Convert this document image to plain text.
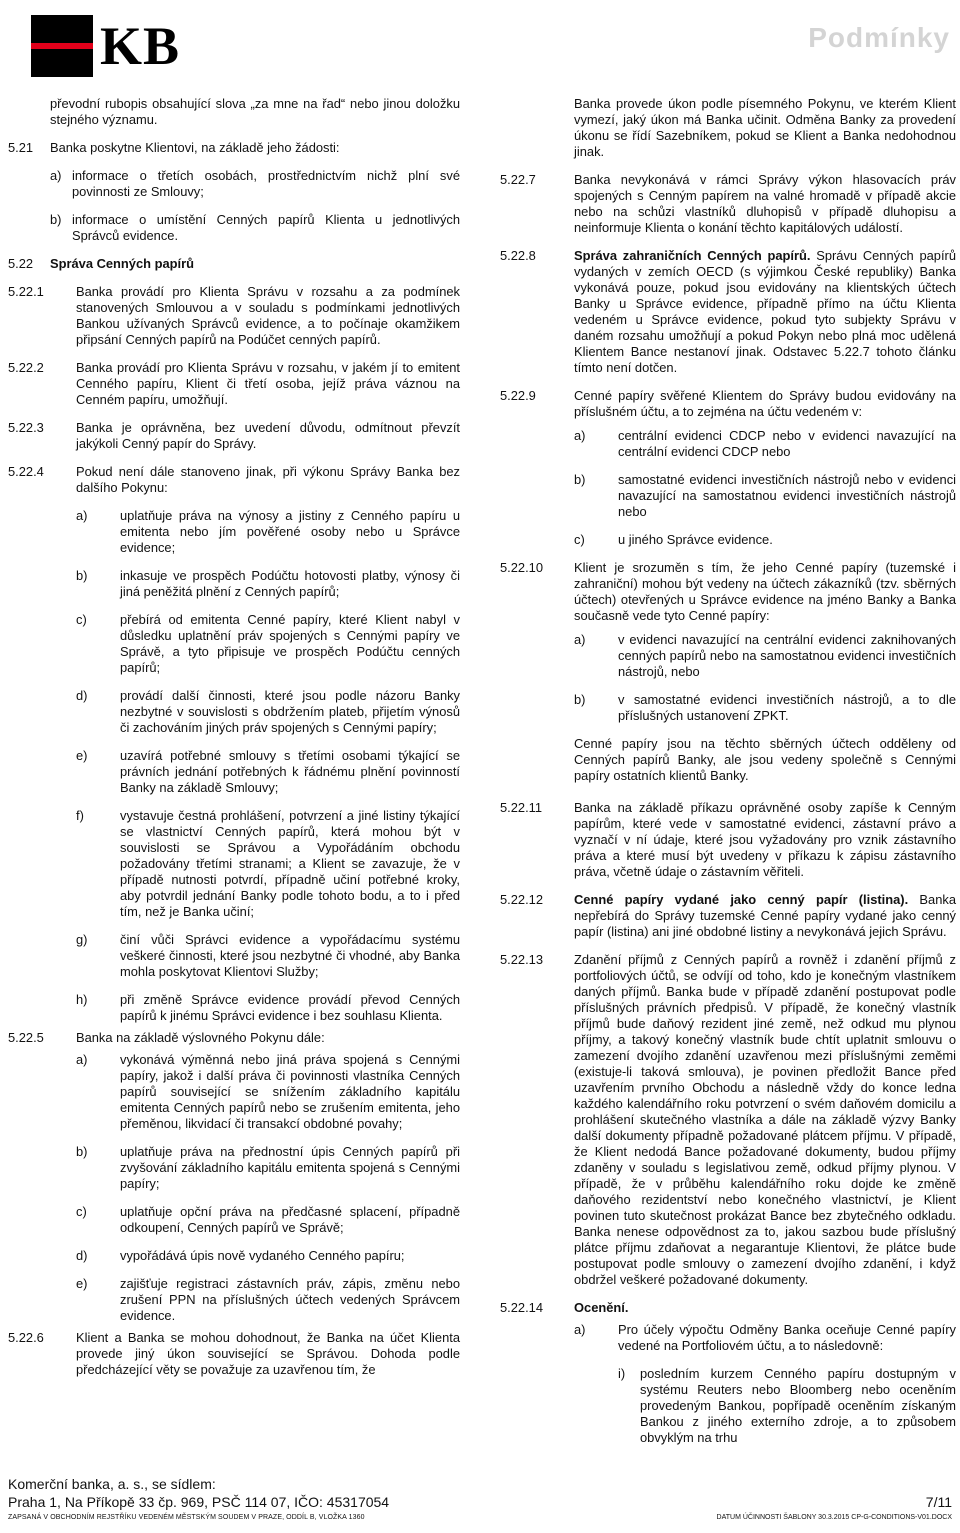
KB	Podmínky
převodní rubopis obsahující slova „za mne na řad“ nebo jinou doložku stejného významu.
5.21 Banka poskytne Klientovi, na základě jeho žádosti:
a) informace o třetích osobách, prostřednictvím nichž plní své povinnosti ze Smlouvy;
b) informace o umístění Cenných papírů Klienta u jednotlivých Správců evidence.
5.22 Správa Cenných papírů
5.22.1 Banka provádí pro Klienta Správu v rozsahu a za podmínek stanovených Smlouvou a v souladu s podmínkami jednotlivých Bankou užívaných Správců evidence, a to počínaje okamžikem připsání Cenných papírů na Podúčet cenných papírů.
5.22.2 Banka provádí pro Klienta Správu v rozsahu, v jakém jí to emitent Cenného papíru, Klient či třetí osoba, jejíž práva váznou na Cenném papíru, umožňují.
5.22.3 Banka je oprávněna, bez uvedení důvodu, odmítnout převzít jakýkoli Cenný papír do Správy.
5.22.4 Pokud není dále stanoveno jinak, při výkonu Správy Banka bez dalšího Pokynu:
a)	uplatňuje práva na výnosy a jistiny z Cenného papíru u emitenta nebo jím pověřené osoby nebo u Správce evidence;
b)	inkasuje ve prospěch Podúčtu hotovosti platby, výnosy či jiná peněžitá plnění z Cenných papírů;
c)	přebírá od emitenta Cenné papíry, které Klient nabyl v důsledku uplatnění práv spojených s Cennými papíry ve Správě, a tyto připisuje ve prospěch Podúčtu cenných papírů;
d)	provádí další činnosti, které jsou podle názoru Banky nezbytné v souvislosti s obdržením plateb, přijetím výnosů či zachováním jiných práv spojených s Cennými papíry;
e)	uzavírá potřebné smlouvy s třetími osobami týkající se právních jednání potřebných k řádnému plnění povinností Banky na základě Smlouvy;
f)	vystavuje čestná prohlášení, potvrzení a jiné listiny týkající se vlastnictví Cenných papírů, která mohou být v souvislosti se Správou a Vypořádáním obchodu požadovány třetími stranami; a Klient se zavazuje, že v případě nutnosti potvrdí, případně učiní potřebné kroky, aby potvrdil jednání Banky podle tohoto bodu, a to i před tím, než je Banka učiní;
g)	činí vůči Správci evidence a vypořádacímu systému veškeré činnosti, které jsou nezbytné či vhodné, aby Banka mohla poskytovat Klientovi Služby;
h)	při změně Správce evidence provádí převod Cenných papírů k jinému Správci evidence i bez souhlasu Klienta.
5.22.5 Banka na základě výslovného Pokynu dále:
a)	vykonává výměnná nebo jiná práva spojená s Cennými papíry, jakož i další práva či povinnosti vlastníka Cenných papírů související se snížením základního kapitálu emitenta Cenných papírů nebo se zrušením emitenta, jeho přeměnou, likvidací či transakcí obdobné povahy;
b)	uplatňuje práva na přednostní úpis Cenných papírů při zvyšování základního kapitálu emitenta spojená s Cennými papíry;
c)	uplatňuje opční práva na předčasné splacení, případně odkoupení, Cenných papírů ve Správě;
d)	vypořádává úpis nově vydaného Cenného papíru;
e)	zajišťuje registraci zástavních práv, zápis, změnu nebo zrušení PPN na příslušných účtech vedených Správcem evidence.
5.22.6 Klient a Banka se mohou dohodnout, že Banka na účet Klienta provede jiný úkon související se Správou. Dohoda podle předcházející věty se považuje za uzavřenou tím, že
Banka provede úkon podle písemného Pokynu, ve kterém Klient vymezí, jaký úkon má Banka učinit. Odměna Banky za provedení úkonu se řídí Sazebníkem, pokud se Klient a Banka nedohodnou jinak.
5.22.7	Banka nevykonává v rámci Správy výkon hlasovacích práv spojených s Cenným papírem na valné hromadě v případě akcie nebo na schůzi vlastníků dluhopisů v případě dluhopisu a neinformuje Klienta o konání těchto kapitálových událostí.
5.22.8	Správa zahraničních Cenných papírů. Správu Cenných papírů vydaných v zemích OECD (s výjimkou České republiky) Banka vykonává pouze, pokud jsou evidovány na klientských účtech Banky u Správce evidence, případně přímo na účtu Klienta vedeném u Správce evidence, pokud tyto subjekty Správu v daném rozsahu umožňují a pokud Pokyn nebo plná moc udělená Klientem Bance nestanoví jinak. Odstavec 5.22.7 tohoto článku tímto není dotčen.
5.22.9	Cenné papíry svěřené Klientem do Správy budou evidovány na příslušném účtu, a to zejména na účtu vedeném v:
a)	centrální evidenci CDCP nebo v evidenci navazující na centrální evidenci CDCP nebo
b)	samostatné evidenci investičních nástrojů nebo v evidenci navazující na samostatnou evidenci investičních nástrojů nebo
c)	u jiného Správce evidence.
5.22.10 Klient je srozuměn s tím, že jeho Cenné papíry (tuzemské i zahraniční) mohou být vedeny na účtech zákazníků (tzv. sběrných účtech) otevřených u Správce evidence na jméno Banky a Banka současně vede tyto Cenné papíry:
a)	v evidenci navazující na centrální evidenci zaknihovaných cenných papírů nebo na samostatnou evidenci investičních nástrojů, nebo
b)	v samostatné evidenci investičních nástrojů, a to dle příslušných ustanovení ZPKT.
Cenné papíry jsou na těchto sběrných účtech odděleny od Cenných papírů Banky, ale jsou vedeny společně s Cennými papíry ostatních klientů Banky.
5.22.11 Banka na základě příkazu oprávněné osoby zapíše k Cenným papírům, které vede v samostatné evidenci, zástavní právo a vyznačí v ní údaje, které jsou vyžadovány pro vznik zástavního práva a které musí být uvedeny v příkazu k zápisu zástavního práva, včetně údaje o zástavním věřiteli.
5.22.12 Cenné papíry vydané jako cenný papír (listina). Banka nepřebírá do Správy tuzemské Cenné papíry vydané jako cenný papír (listina) ani jiné obdobné listiny a nevykonává jejich Správu.
5.22.13 Zdanění příjmů z Cenných papírů a rovněž i zdanění příjmů z portfoliových účtů, se odvíjí od toho, kdo je konečným vlastníkem daných příjmů. Banka bude v případě zdanění postupovat podle příslušných právních předpisů. V případě, že konečný vlastník příjmů bude daňový rezident jiné země, než odkud mu plynou příjmy, a takový konečný vlastník bude chtít uplatnit smlouvu o zamezení dvojího zdanění uzavřenou mezi příslušnými zeměmi (existuje-li taková smlouva), je povinen předložit Bance před uzavřením prvního Obchodu a následně vždy do konce ledna každého kalendářního roku potvrzení o svém daňovém domicilu a prohlášení skutečného vlastníka a dále na základě výzvy Banky další dokumenty případně požadované plátcem příjmu. V případě, že Klient nedodá Bance požadované dokumenty, budou příjmy zdaněny v souladu s legislativou země, odkud příjmy plynou. V případě, že v průběhu kalendářního roku dojde ke změně daňového rezidentství nebo konečného vlastnictví, je Klient povinen tuto skutečnost prokázat Bance bez zbytečného odkladu. Banka nenese odpovědnost za to, jakou sazbou bude příslušný plátce příjmu zdaňovat a negarantuje Klientovi, že plátce bude postupovat podle smlouvy o zamezení dvojího zdanění, i když obdržel veškeré požadované dokumenty.
5.22.14 Ocenění.
a)	Pro účely výpočtu Odměny Banka oceňuje Cenné papíry vedené na Portfoliovém účtu, a to následovně:
i) posledním kurzem Cenného papíru dostupným v systému Reuters nebo Bloomberg nebo oceněním provedeným Bankou, popřípadě oceněním získaným Bankou z jiného externího zdroje, a to způsobem obvyklým na trhu
Komerční banka, a. s., se sídlem:
Praha 1, Na Příkopě 33 čp. 969, PSČ 114 07, IČO: 45317054
ZAPSANÁ V OBCHODNÍM REJSTŘÍKU VEDENÉM MĚSTSKÝM SOUDEM V PRAZE, ODDÍL B, VLOŽKA 1360
7/11
DATUM ÚČINNOSTI ŠABLONY 30.3.2015 CP-G-CONDITIONS-V01.DOCX
